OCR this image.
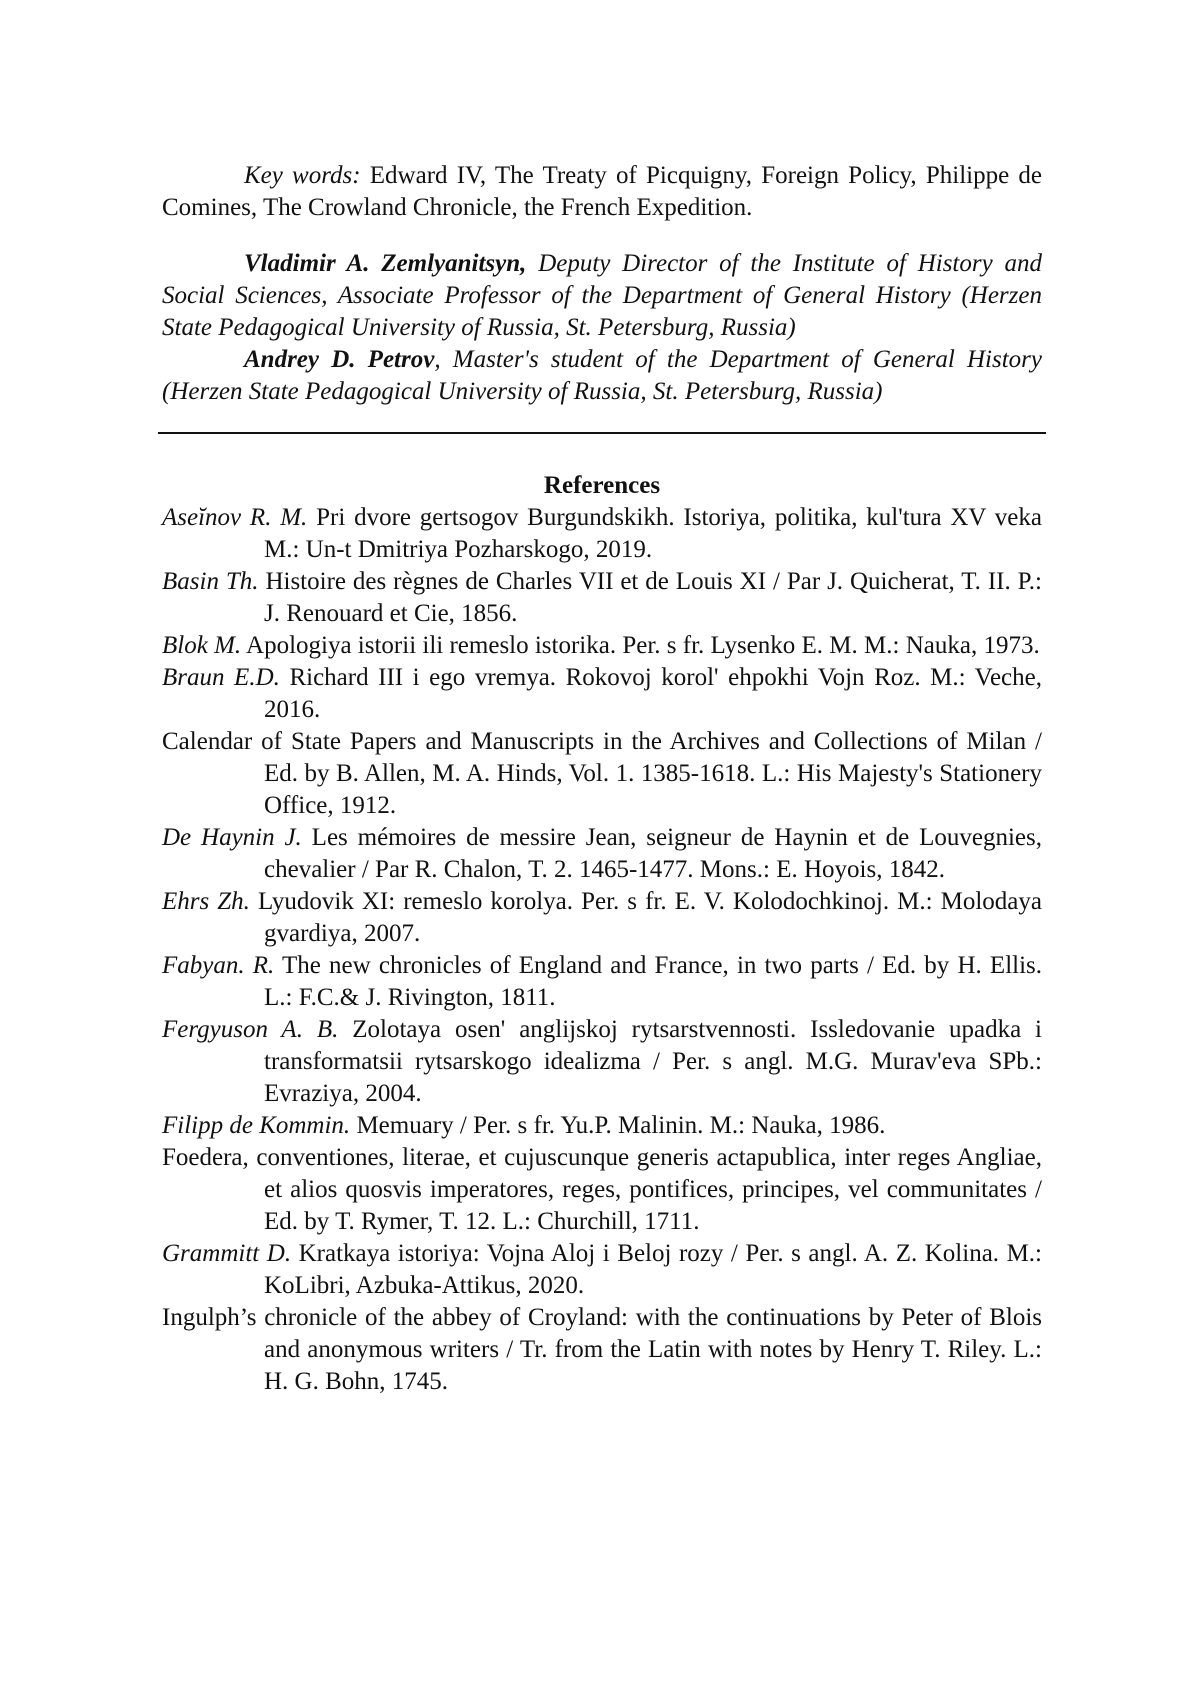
Key words: Edward IV, The Treaty of Picquigny, Foreign Policy, Philippe de Comines, The Crowland Chronicle, the French Expedition.

Vladimir A. Zemlyanitsyn, Deputy Director of the Institute of History and Social Sciences, Associate Professor of the Department of General History (Herzen State Pedagogical University of Russia, St. Petersburg, Russia)

Andrey D. Petrov, Master's student of the Department of General History (Herzen State Pedagogical University of Russia, St. Petersburg, Russia)

References

Aseĭnov R. M. Pri dvore gertsogov Burgundskikh. Istoriya, politika, kul'tura XV veka M.: Un-t Dmitriya Pozharskogo, 2019.
Basin Th. Histoire des règnes de Charles VII et de Louis XI / Par J. Quicherat, T. II. P.: J. Renouard et Cie, 1856.
Blok M. Apologiya istorii ili remeslo istorika. Per. s fr. Lysenko E. M. M.: Nauka, 1973.
Braun E.D. Richard III i ego vremya. Rokovoj korol' ehpokhi Vojn Roz. M.: Veche, 2016.
Calendar of State Papers and Manuscripts in the Archives and Collections of Milan / Ed. by B. Allen, M. A. Hinds, Vol. 1. 1385-1618. L.: His Majesty's Stationery Office, 1912.
De Haynin J. Les mémoires de messire Jean, seigneur de Haynin et de Louvegnies, chevalier / Par R. Chalon, T. 2. 1465-1477. Mons.: E. Hoyois, 1842.
Ehrs Zh. Lyudovik XI: remeslo korolya. Per. s fr. E. V. Kolodochkinoj. M.: Molodaya gvardiya, 2007.
Fabyan. R. The new chronicles of England and France, in two parts / Ed. by H. Ellis. L.: F.C.& J. Rivington, 1811.
Fergyuson A. B. Zolotaya osen' anglijskoj rytsarstvennosti. Issledovanie upadka i transformatsii rytsarskogo idealizma / Per. s angl. M.G. Murav'eva SPb.: Evraziya, 2004.
Filipp de Kommin. Memuary / Per. s fr. Yu.P. Malinin. M.: Nauka, 1986.
Foedera, conventiones, literae, et cujuscunque generis actapublica, inter reges Angliae, et alios quosvis imperatores, reges, pontifices, principes, vel communitates / Ed. by T. Rymer, T. 12. L.: Churchill, 1711.
Grammitt D. Kratkaya istoriya: Vojna Aloj i Beloj rozy / Per. s angl. A. Z. Kolina. M.: KoLibri, Azbuka-Attikus, 2020.
Ingulph’s chronicle of the abbey of Croyland: with the continuations by Peter of Blois and anonymous writers / Tr. from the Latin with notes by Henry T. Riley. L.: H. G. Bohn, 1745.
